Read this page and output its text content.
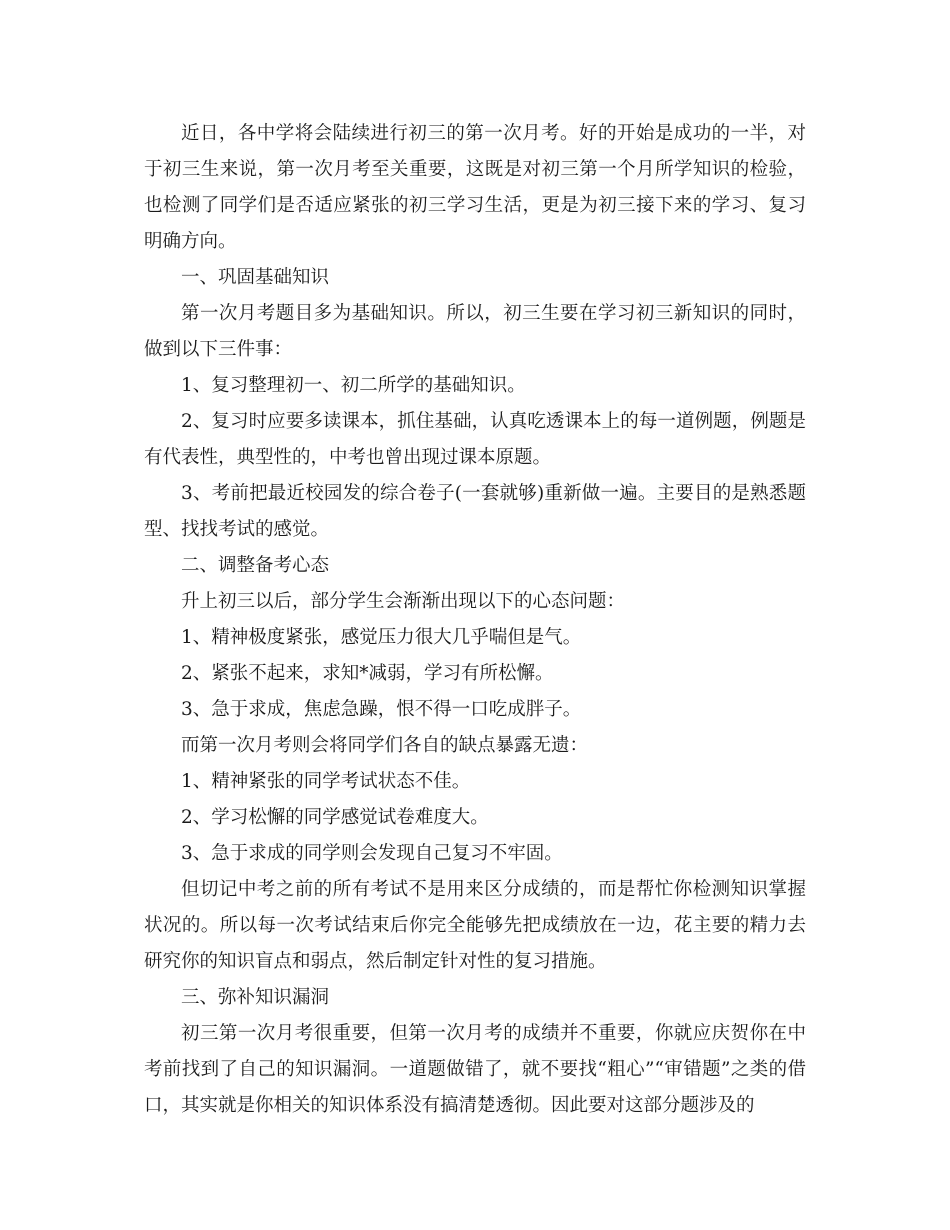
近日，各中学将会陆续进行初三的第一次月考。好的开始是成功的一半，对于初三生来说，第一次月考至关重要，这既是对初三第一个月所学知识的检验，也检测了同学们是否适应紧张的初三学习生活，更是为初三接下来的学习、复习明确方向。

一、巩固基础知识

第一次月考题目多为基础知识。所以，初三生要在学习初三新知识的同时，做到以下三件事：

1、复习整理初一、初二所学的基础知识。

2、复习时应要多读课本，抓住基础，认真吃透课本上的每一道例题，例题是有代表性，典型性的，中考也曾出现过课本原题。

3、考前把最近校园发的综合卷子(一套就够)重新做一遍。主要目的是熟悉题型、找找考试的感觉。

二、调整备考心态

升上初三以后，部分学生会渐渐出现以下的心态问题：

1、精神极度紧张，感觉压力很大几乎喘但是气。

2、紧张不起来，求知*减弱，学习有所松懈。

3、急于求成，焦虑急躁，恨不得一口吃成胖子。

而第一次月考则会将同学们各自的缺点暴露无遗：

1、精神紧张的同学考试状态不佳。

2、学习松懈的同学感觉试卷难度大。

3、急于求成的同学则会发现自己复习不牢固。

但切记中考之前的所有考试不是用来区分成绩的，而是帮忙你检测知识掌握状况的。所以每一次考试结束后你完全能够先把成绩放在一边，花主要的精力去研究你的知识盲点和弱点，然后制定针对性的复习措施。

三、弥补知识漏洞

初三第一次月考很重要，但第一次月考的成绩并不重要，你就应庆贺你在中考前找到了自己的知识漏洞。一道题做错了，就不要找“粗心”“审错题”之类的借口，其实就是你相关的知识体系没有搞清楚透彻。因此要对这部分题涉及的
